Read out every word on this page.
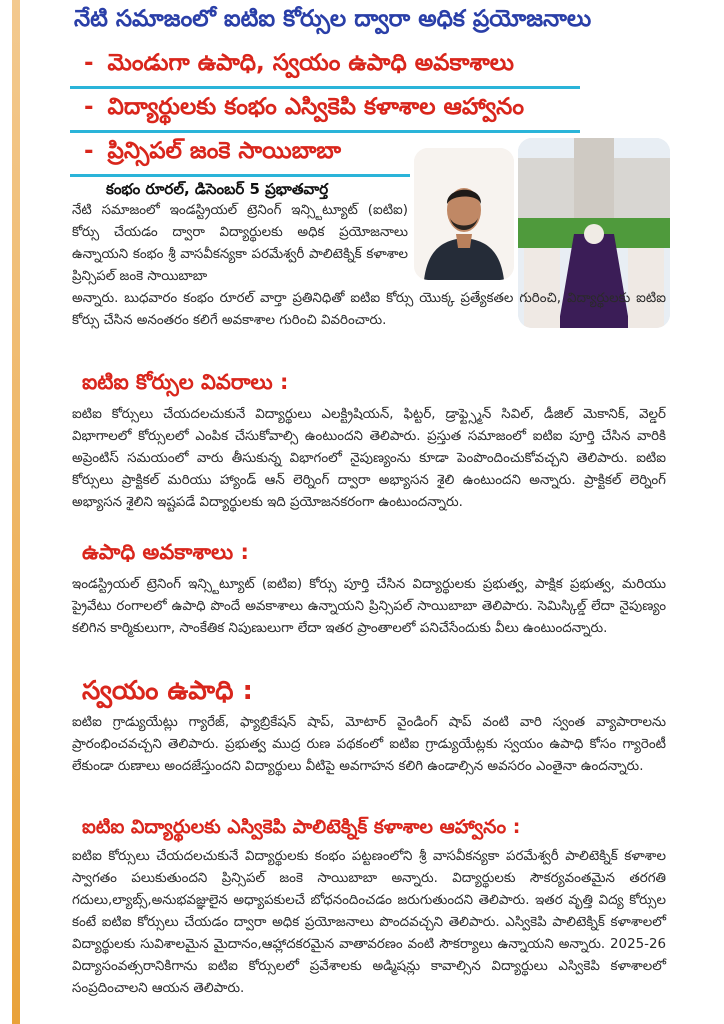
నేటి సమాజంలో ఐటిఐ కోర్సుల ద్వారా అధిక ప్రయోజనాలు
- మెండుగా ఉపాధి, స్వయం ఉపాధి అవకాశాలు
- విద్యార్థులకు కంభం ఎస్వికెపి కళాశాల ఆహ్వానం
- ప్రిన్సిపల్ జంకె సాయిబాబా
కంభం రూరల్, డిసెంబర్ 5 ప్రభాతవార్త
నేటి సమాజంలో ఇండస్ట్రియల్ ట్రెనింగ్ ఇన్స్టిట్యూట్ (ఐటిఐ) కోర్సు చేయడం ద్వారా విద్యార్థులకు అధిక ప్రయోజనాలు ఉన్నాయని కంభం శ్రీ వాసవీకన్యకా పరమేశ్వరీ పాలిటెక్నిక్ కళాశాల ప్రిన్సిపల్ జంకె సాయిబాబా
అన్నారు. బుధవారం కంభం రూరల్ వార్తా ప్రతినిధితో ఐటిఐ కోర్సు యొక్క ప్రత్యేకతల గురించి, విద్యార్థులకు ఐటిఐ కోర్సు చేసిన అనంతరం కలిగే అవకాశాల గురించి వివరించారు.
ఐటిఐ కోర్సుల వివరాలు :
ఐటిఐ కోర్సులు చేయదలచుకునే విద్యార్థులు ఎలక్ట్రిషియన్, ఫిట్టర్, డ్రాఫ్ట్స్మెన్ సివిల్, డీజిల్ మెకానిక్, వెల్డర్ విభాగాలలో కోర్సులలో ఎంపిక చేసుకోవాల్సి ఉంటుందని తెలిపారు. ప్రస్తుత సమాజంలో ఐటిఐ పూర్తి చేసిన వారికి అప్రెంటిస్ సమయంలో వారు తీసుకున్న విభాగంలో నైపుణ్యంను కూడా పెంపొందించుకోవచ్చని తెలిపారు. ఐటిఐ కోర్సులు ప్రాక్టికల్ మరియు హ్యాండ్ ఆన్ లెర్నింగ్ ద్వారా అభ్యాసన శైలి ఉంటుందని అన్నారు. ప్రాక్టికల్ లెర్నింగ్ అభ్యాసన శైలిని ఇష్టపడే విద్యార్థులకు ఇది ప్రయోజనకరంగా ఉంటుందన్నారు.
ఉపాధి అవకాశాలు :
ఇండస్ట్రియల్ ట్రెనింగ్ ఇన్స్టిట్యూట్ (ఐటిఐ) కోర్సు పూర్తి చేసిన విద్యార్థులకు ప్రభుత్వ, పాక్షిక ప్రభుత్వ, మరియు ప్రైవేటు రంగాలలో ఉపాధి పొందే అవకాశాలు ఉన్నాయని ప్రిన్సిపల్ సాయిబాబా తెలిపారు. సెమిస్కిల్డ్ లేదా నైపుణ్యం కలిగిన కార్మికులుగా, సాంకేతిక నిపుణులుగా లేదా ఇతర ప్రాంతాలలో పనిచేసేందుకు వీలు ఉంటుందన్నారు.
స్వయం ఉపాధి :
ఐటిఐ గ్రాడ్యుయేట్లు గ్యారేజ్, ఫ్యాబ్రికేషన్ షాప్, మోటార్ వైండింగ్ షాప్ వంటి వారి స్వంత వ్యాపారాలను ప్రారంభించవచ్చని తెలిపారు. ప్రభుత్వ ముద్ర రుణ పథకంలో ఐటిఐ గ్రాడ్యుయేట్లకు స్వయం ఉపాధి కోసం గ్యారెంటీ లేకుండా రుణాలు అందజేస్తుందని విద్యార్థులు వీటిపై అవగాహన కలిగి ఉండాల్సిన అవసరం ఎంతైనా ఉందన్నారు.
ఐటిఐ విద్యార్థులకు ఎస్వికెపి పాలిటెక్నిక్ కళాశాల ఆహ్వానం :
ఐటిఐ కోర్సులు చేయదలచుకునే విద్యార్థులకు కంభం పట్టణంలోని శ్రీ వాసవీకన్యకా పరమేశ్వరీ పాలిటెక్నిక్ కళాశాల స్వాగతం పలుకుతుందని ప్రిన్సిపల్ జంకె సాయిబాబా అన్నారు. విద్యార్థులకు సౌకర్యవంతమైన తరగతి గదులు,ల్యాబ్స్,అనుభవజ్ఞులైన అధ్యాపకులచే బోధనందించడం జరుగుతుందని తెలిపారు. ఇతర వృత్తి విద్య కోర్సుల కంటే ఐటిఐ కోర్సులు చేయడం ద్వారా అధిక ప్రయోజనాలు పొందవచ్చని తెలిపారు. ఎస్వికెపి పాలిటెక్నిక్ కళాశాలలో విద్యార్థులకు సువిశాలమైన మైదానం,ఆహ్లాదకరమైన వాతావరణం వంటి సౌకర్యాలు ఉన్నాయని అన్నారు. 2025-26 విద్యాసంవత్సరానికిగాను ఐటిఐ కోర్సులలో ప్రవేశాలకు అడ్మిషన్లు కావాల్సిన విద్యార్థులు ఎస్వికెపి కళాశాలలో సంప్రదించాలని ఆయన తెలిపారు.
